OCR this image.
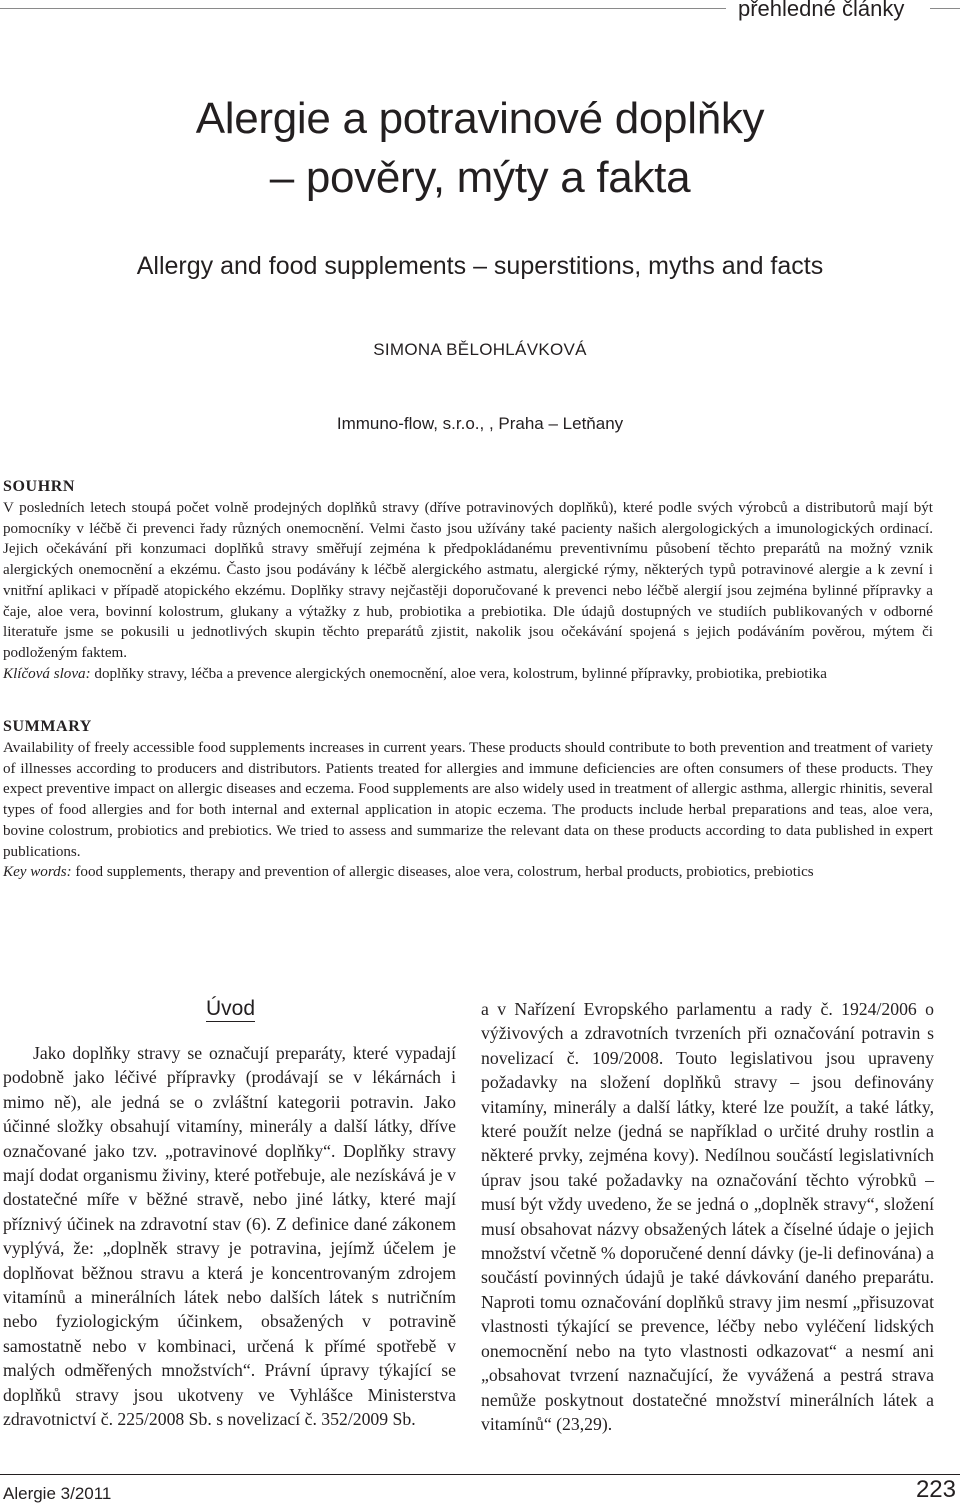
přehledné články
Alergie a potravinové doplňky
– pověry, mýty a fakta
Allergy and food supplements – superstitions, myths and facts
SIMONA BĚLOHLÁVKOVÁ
Immuno-flow, s.r.o., , Praha – Letňany
SOUHRN

V posledních letech stoupá počet volně prodejných doplňků stravy (dříve potravinových doplňků), které podle svých výrobců a distributorů mají být pomocníky v léčbě či prevenci řady různých onemocnění. Velmi často jsou užívány také pacienty našich alergologických a imunologických ordinací. Jejich očekávání při konzumaci doplňků stravy směřují zejména k předpokládanému preventivnímu působení těchto preparátů na možný vznik alergických onemocnění a ekzému. Často jsou podávány k léčbě alergického astmatu, alergické rýmy, některých typů potravinové alergie a k zevní i vnitřní aplikaci v případě atopického ekzému. Doplňky stravy nejčastěji doporučované k prevenci nebo léčbě alergií jsou zejména bylinné přípravky a čaje, aloe vera, bovinní kolostrum, glukany a výtažky z hub, probiotika a prebiotika. Dle údajů dostupných ve studiích publikovaných v odborné literatuře jsme se pokusili u jednotlivých skupin těchto preparátů zjistit, nakolik jsou očekávání spojená s jejich podáváním pověrou, mýtem či podloženým faktem.

Klíčová slova: doplňky stravy, léčba a prevence alergických onemocnění, aloe vera, kolostrum, bylinné přípravky, probiotika, prebiotika

SUMMARY

Availability of freely accessible food supplements increases in current years. These products should contribute to both prevention and treatment of variety of illnesses according to producers and distributors. Patients treated for allergies and immune deficiencies are often consumers of these products. They expect preventive impact on allergic diseases and eczema. Food supplements are also widely used in treatment of allergic asthma, allergic rhinitis, several types of food allergies and for both internal and external application in atopic eczema. The products include herbal preparations and teas, aloe vera, bovine colostrum, probiotics and prebiotics. We tried to assess and summarize the relevant data on these products according to data published in expert publications.

Key words: food supplements, therapy and prevention of allergic diseases, aloe vera, colostrum, herbal products, probiotics, prebiotics

Úvod

Jako doplňky stravy se označují preparáty, které vypadají podobně jako léčivé přípravky (prodávají se v lékárnách i mimo ně), ale jedná se o zvláštní kategorii potravin. Jako účinné složky obsahují vitamíny, minerály a další látky, dříve označované jako tzv. „potravinové doplňky“. Doplňky stravy mají dodat organismu živiny, které potřebuje, ale nezískává je v dostatečné míře v běžné stravě, nebo jiné látky, které mají příznivý účinek na zdravotní stav (6). Z definice dané zákonem vyplývá, že: „doplněk stravy je potravina, jejímž účelem je doplňovat běžnou stravu a která je koncentrovaným zdrojem vitamínů a minerálních látek nebo dalších látek s nutričním nebo fyziologickým účinkem, obsažených v potravině samostatně nebo v kombinaci, určená k přímé spotřebě v malých odměřených množstvích“. Právní úpravy týkající se doplňků stravy jsou ukotveny ve Vyhlášce Ministerstva zdravotnictví č. 225/2008 Sb. s novelizací č. 352/2009 Sb.

a v Nařízení Evropského parlamentu a rady č. 1924/2006 o výživových a zdravotních tvrzeních při označování potravin s novelizací č. 109/2008. Touto legislativou jsou upraveny požadavky na složení doplňků stravy – jsou definovány vitamíny, minerály a další látky, které lze použít, a také látky, které použít nelze (jedná se například o určité druhy rostlin a některé prvky, zejména kovy). Nedílnou součástí legislativních úprav jsou také požadavky na označování těchto výrobků – musí být vždy uvedeno, že se jedná o „doplněk stravy“, složení musí obsahovat názvy obsažených látek a číselné údaje o jejich množství včetně % doporučené denní dávky (je-li definována) a součástí povinných údajů je také dávkování daného preparátu. Naproti tomu označování doplňků stravy jim nesmí „přisuzovat vlastnosti týkající se prevence, léčby nebo vyléčení lidských onemocnění nebo na tyto vlastnosti odkazovat“ a nesmí ani „obsahovat tvrzení naznačující, že vyvážená a pestrá strava nemůže poskytnout dostatečné množství minerálních látek a vitamínů“ (23,29).

Alergie 3/2011	223
